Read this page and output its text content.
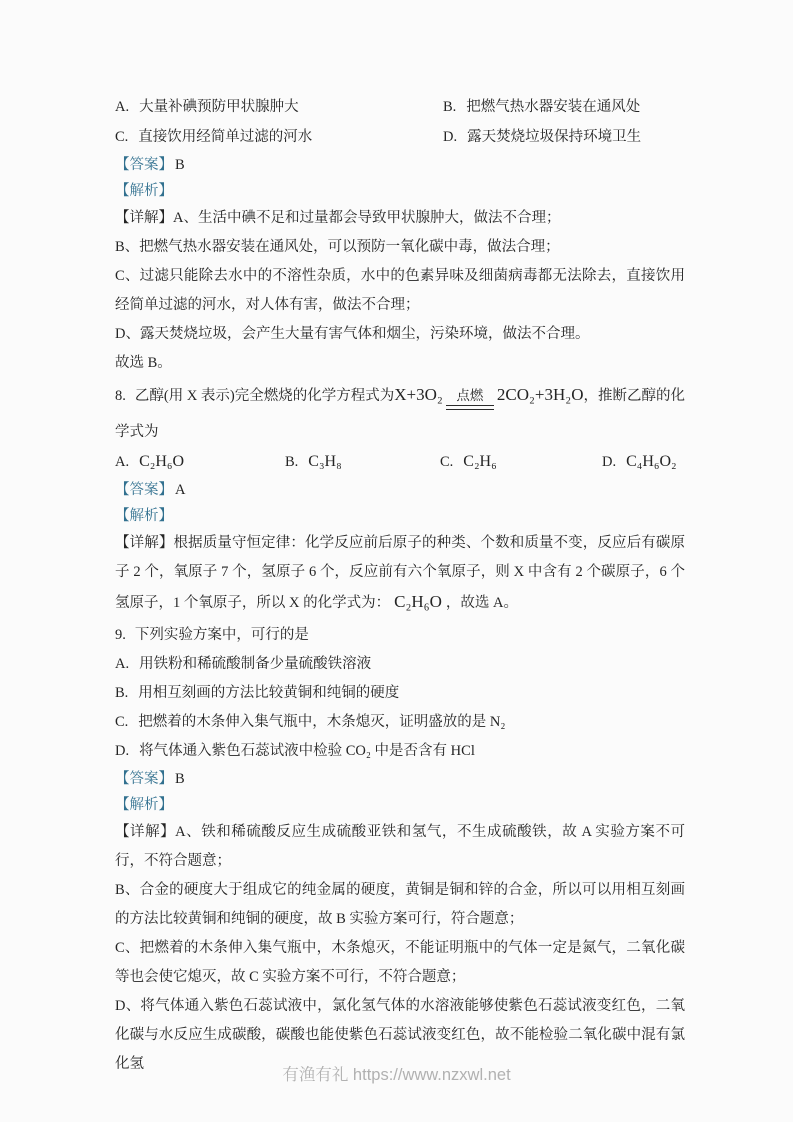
A. 大量补碘预防甲状腺肿大	B. 把燃气热水器安装在通风处
C. 直接饮用经简单过滤的河水	D. 露天焚烧垃圾保持环境卫生
【答案】 B
【解析】

【详解】A、生活中碘不足和过量都会导致甲状腺肿大，做法不合理；

B、把燃气热水器安装在通风处，可以预防一氧化碳中毒，做法合理；

C、过滤只能除去水中的不溶性杂质，水中的色素异味及细菌病毒都无法除去，直接饮用经简单过滤的河水，对人体有害，做法不合理；

D、露天焚烧垃圾，会产生大量有害气体和烟尘，污染环境，做法不合理。

故选 B。

8. 乙醇(用 X 表示)完全燃烧的化学方程式为X+3O₂	点燃 2CO₂+3H₂O，推断乙醇的化学式为

A. C₂H₆O	B. C₃H₈	C. C₂H₆	D. C₄H₆O₂
【答案】 A
【解析】

【详解】根据质量守恒定律：化学反应前后原子的种类、个数和质量不变，反应后有碳原子 2 个，氧原子 7 个，氢原子 6 个，反应前有六个氧原子，则 X 中含有 2 个碳原子，6 个氢原子，1 个氧原子，所以 X 的化学式为： C₂H₆O ，故选 A。

9. 下列实验方案中，可行的是

A. 用铁粉和稀硫酸制备少量硫酸铁溶液
B. 用相互刻画的方法比较黄铜和纯铜的硬度
C. 把燃着的木条伸入集气瓶中，木条熄灭，证明盛放的是 N₂
D. 将气体通入紫色石蕊试液中检验 CO₂ 中是否含有 HCl
【答案】 B
【解析】

【详解】A、铁和稀硫酸反应生成硫酸亚铁和氢气，不生成硫酸铁，故 A 实验方案不可行，不符合题意；

B、合金的硬度大于组成它的纯金属的硬度，黄铜是铜和锌的合金，所以可以用相互刻画的方法比较黄铜和纯铜的硬度，故 B 实验方案可行，符合题意；

C、把燃着的木条伸入集气瓶中，木条熄灭，不能证明瓶中的气体一定是氮气，二氧化碳等也会使它熄灭，故 C 实验方案不可行，不符合题意；

D、将气体通入紫色石蕊试液中，氯化氢气体的水溶液能够使紫色石蕊试液变红色，二氧化碳与水反应生成碳酸，碳酸也能使紫色石蕊试液变红色，故不能检验二氧化碳中混有氯化氢

有渔有礼 https://www.nzxwl.net
